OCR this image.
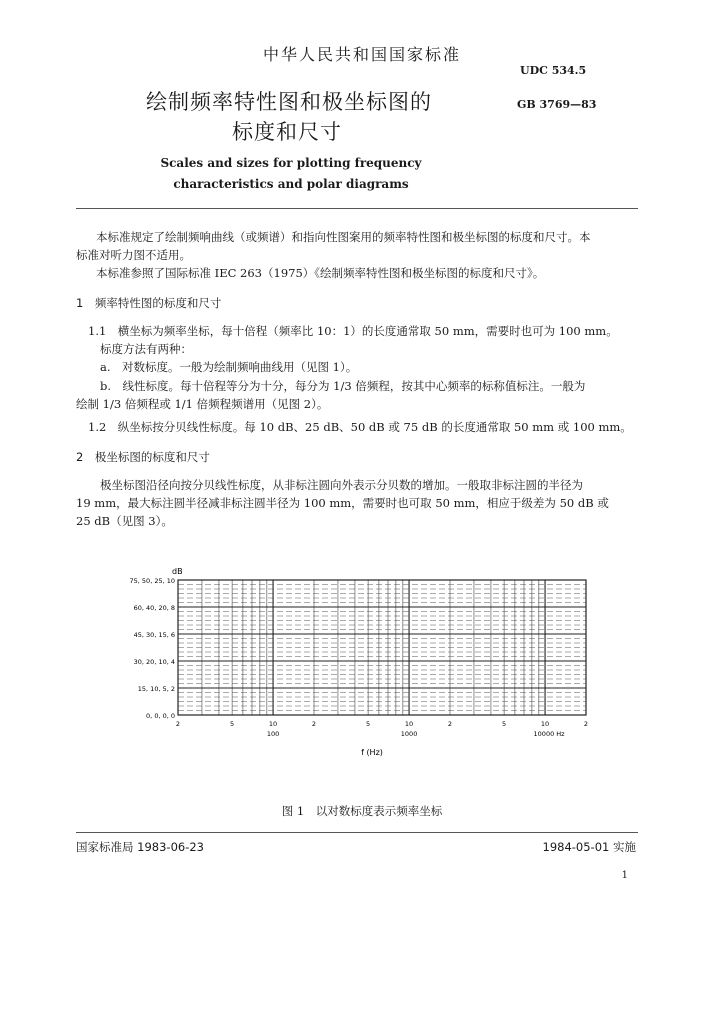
中华人民共和国国家标准
UDC 534.5
绘制频率特性图和极坐标图的	GB 3769—83
标度和尺寸
Scales and sizes for plotting frequency
characteristics and polar diagrams
本标准规定了绘制频响曲线（或频谱）和指向性图案用的频率特性图和极坐标图的标度和尺寸。本
标准对听力图不适用。
本标准参照了国际标准 IEC 263（1975）《绘制频率特性图和极坐标图的标度和尺寸》。
1　频率特性图的标度和尺寸
1.1　横坐标为频率坐标，每十倍程（频率比 10：1）的长度通常取 50 mm，需要时也可为 100 mm。
标度方法有两种：
a.　对数标度。一般为绘制频响曲线用（见图 1）。
b.　线性标度。每十倍程等分为十分，每分为 1/3 倍频程，按其中心频率的标称值标注。一般为
绘制 1/3 倍频程或 1/1 倍频程频谱用（见图 2）。
1.2　纵坐标按分贝线性标度。每 10 dB、25 dB、50 dB 或 75 dB 的长度通常取 50 mm 或 100 mm。
2　极坐标图的标度和尺寸
极坐标图沿径向按分贝线性标度，从非标注圆向外表示分贝数的增加。一般取非标注圆的半径为
19 mm，最大标注圆半径减非标注圆半径为 100 mm，需要时也可取 50 mm，相应于级差为 50 dB 或
25 dB（见图 3）。
0, 0, 0, 0
15, 10, 5, 2
30, 20, 10, 4
45, 30, 15, 6
60, 40, 20, 8
75, 50, 25, 10
2	5	10	2	5	10	2	5	10	2
100	1000	10000 Hz
dB
f (Hz)
图 1　以对数标度表示频率坐标
国家标准局 1983-06-23	1984-05-01 实施
1
